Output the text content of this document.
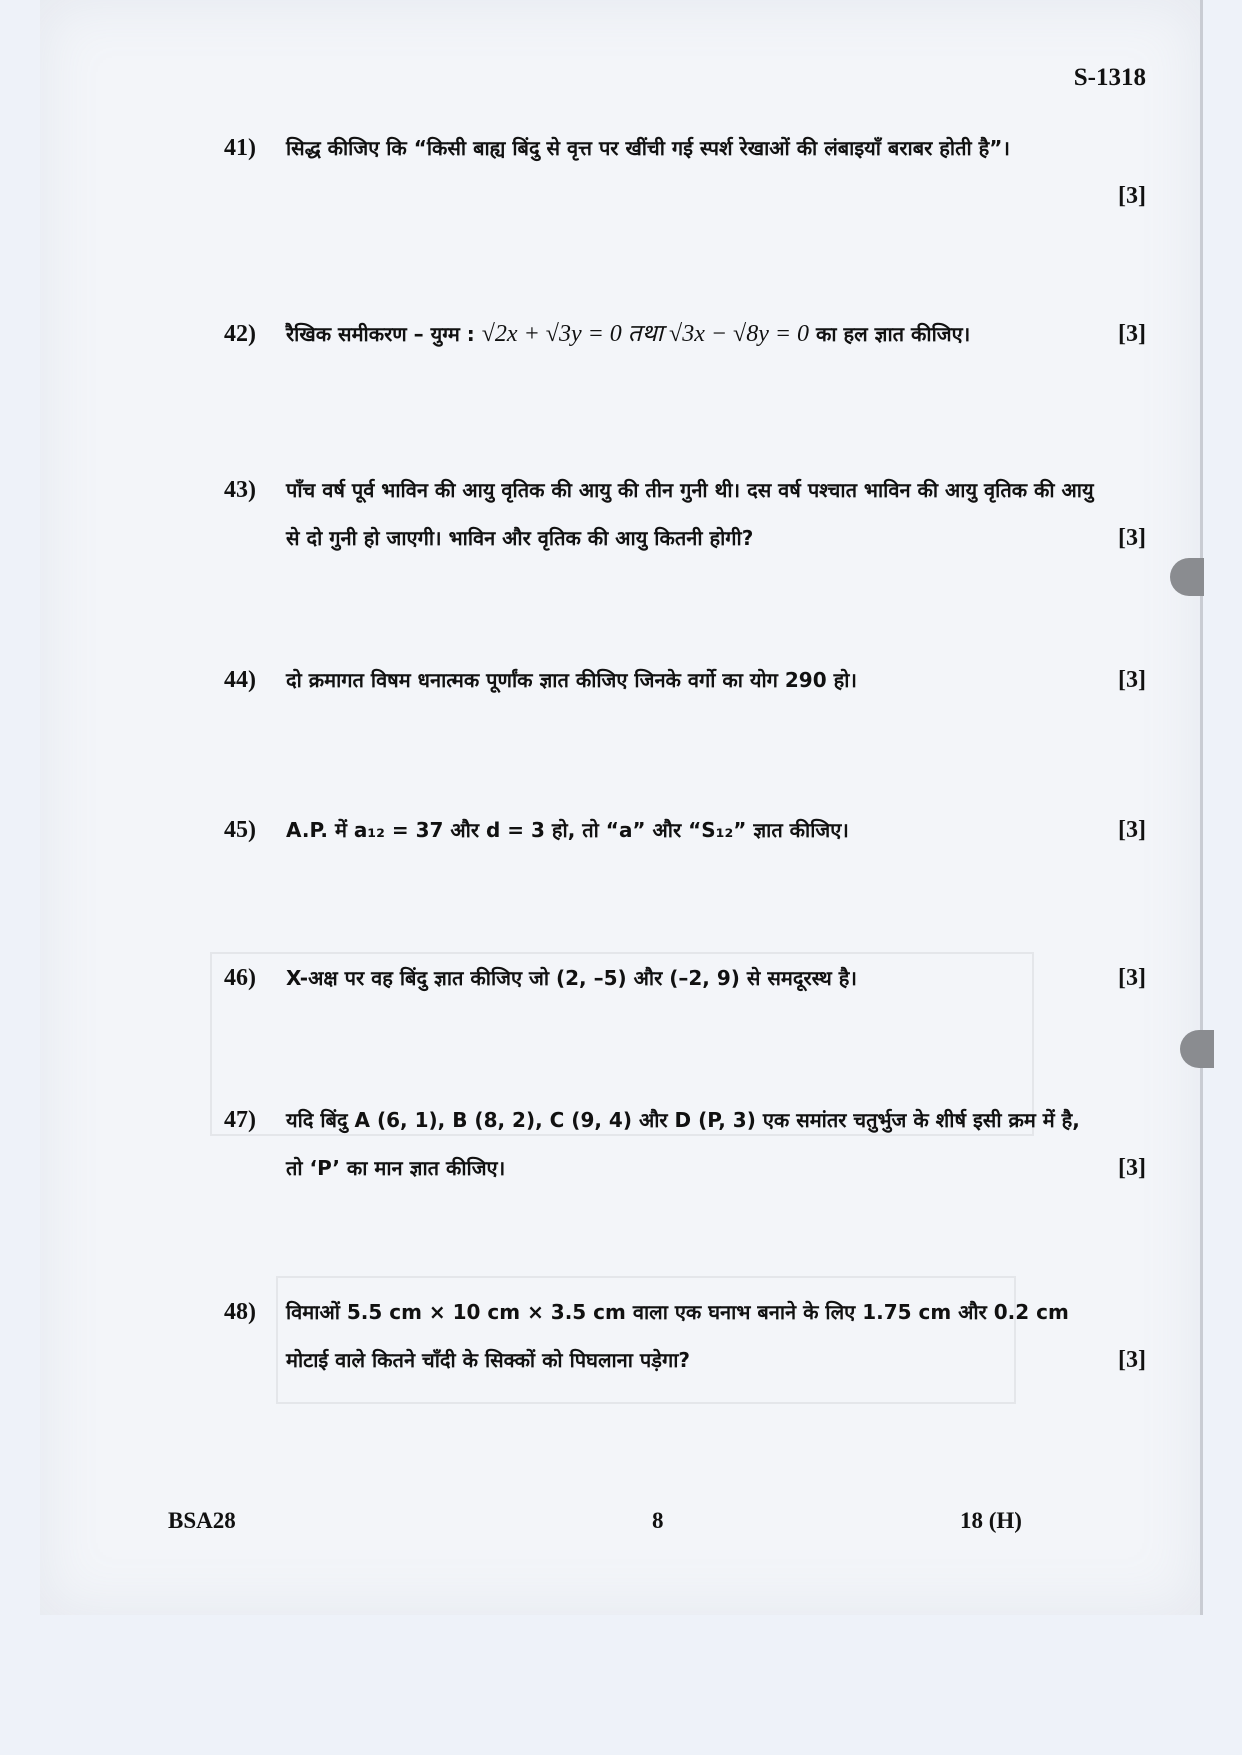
S-1318
41) सिद्ध कीजिए कि “किसी बाह्य बिंदु से वृत्त पर खींची गई स्पर्श रेखाओं की लंबाइयाँ बराबर होती है”।
[3]
42) रैखिक समीकरण – युग्म : √2x + √3y = 0 तथा √3x − √8y = 0 का हल ज्ञात कीजिए।	[3]
43) पाँच वर्ष पूर्व भाविन की आयु वृतिक की आयु की तीन गुनी थी। दस वर्ष पश्चात भाविन की आयु वृतिक की आयु से दो गुनी हो जाएगी। भाविन और वृतिक की आयु कितनी होगी?	[3]
44) दो क्रमागत विषम धनात्मक पूर्णांक ज्ञात कीजिए जिनके वर्गो का योग 290 हो।	[3]
45) A.P. में a₁₂ = 37 और d = 3 हो, तो “a” और “S₁₂” ज्ञात कीजिए।	[3]
46) X-अक्ष पर वह बिंदु ज्ञात कीजिए जो (2, –5) और (–2, 9) से समदूरस्थ है।	[3]
47) यदि बिंदु A (6, 1), B (8, 2), C (9, 4) और D (P, 3) एक समांतर चतुर्भुज के शीर्ष इसी क्रम में है, तो ‘P’ का मान ज्ञात कीजिए।	[3]
48) विमाओं 5.5 cm × 10 cm × 3.5 cm वाला एक घनाभ बनाने के लिए 1.75 cm और 0.2 cm मोटाई वाले कितने चाँदी के सिक्कों को पिघलाना पड़ेगा?	[3]
BSA28	8	18 (H)
